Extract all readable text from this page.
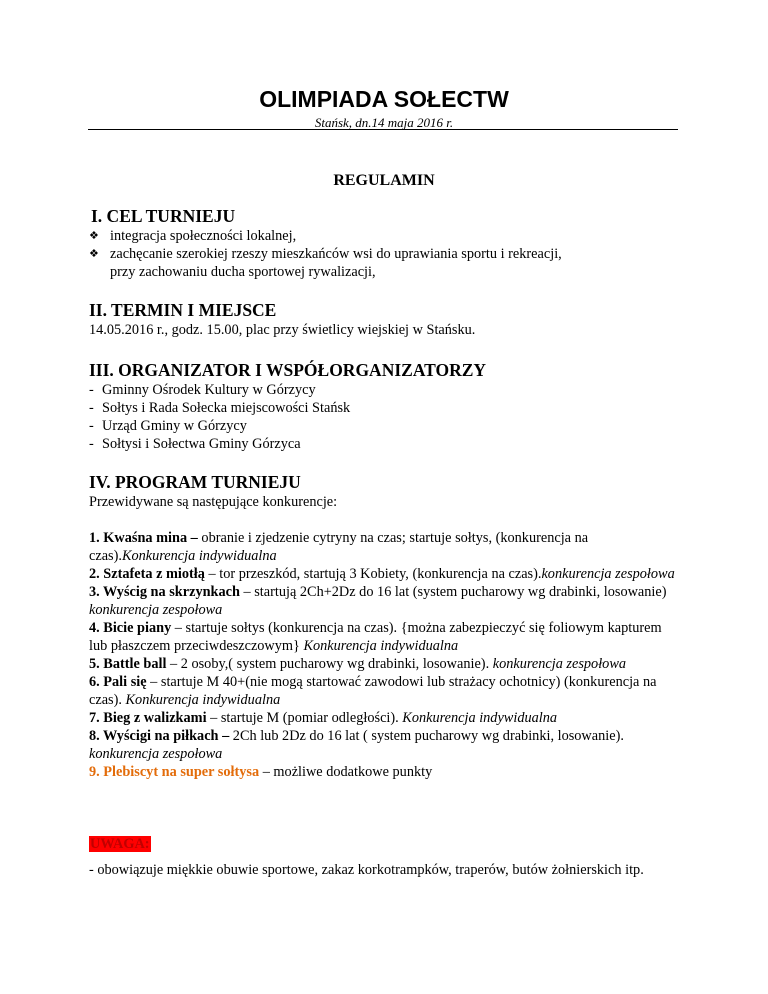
OLIMPIADA SOŁECTW
Stańsk, dn.14 maja 2016 r.
REGULAMIN
I. CEL TURNIEJU
❖ integracja społeczności lokalnej,
❖ zachęcanie szerokiej rzeszy mieszkańców wsi do uprawiania sportu i rekreacji,
przy zachowaniu ducha sportowej rywalizacji,
II. TERMIN I MIEJSCE

14.05.2016 r., godz. 15.00, plac przy świetlicy wiejskiej w Stańsku.

III. ORGANIZATOR I WSPÓŁORGANIZATORZY
- Gminny Ośrodek Kultury w Górzycy
- Sołtys i Rada Sołecka miejscowości Stańsk
- Urząd Gminy w Górzycy
- Sołtysi i Sołectwa Gminy Górzyca
IV. PROGRAM TURNIEJU

Przewidywane są następujące konkurencje:

1. Kwaśna mina – obranie i zjedzenie cytryny na czas; startuje sołtys, (konkurencja na czas).Konkurencja indywidualna

2. Sztafeta z miotłą – tor przeszkód, startują 3 Kobiety, (konkurencja na czas).konkurencja zespołowa

3. Wyścig na skrzynkach – startują 2Ch+2Dz do 16 lat (system pucharowy wg drabinki, losowanie) konkurencja zespołowa

4. Bicie piany – startuje sołtys (konkurencja na czas). {można zabezpieczyć się foliowym kapturem lub płaszczem przeciwdeszczowym} Konkurencja indywidualna

5. Battle ball – 2 osoby,( system pucharowy wg drabinki, losowanie). konkurencja zespołowa

6. Pali się – startuje M 40+(nie mogą startować zawodowi lub strażacy ochotnicy) (konkurencja na czas). Konkurencja indywidualna

7. Bieg z walizkami – startuje M (pomiar odległości). Konkurencja indywidualna

8. Wyścigi na piłkach – 2Ch lub 2Dz do 16 lat ( system pucharowy wg drabinki, losowanie). konkurencja zespołowa

9. Plebiscyt na super sołtysa – możliwe dodatkowe punkty

UWAGA:

- obowiązuje miękkie obuwie sportowe, zakaz korkotrampków, traperów, butów żołnierskich itp.
